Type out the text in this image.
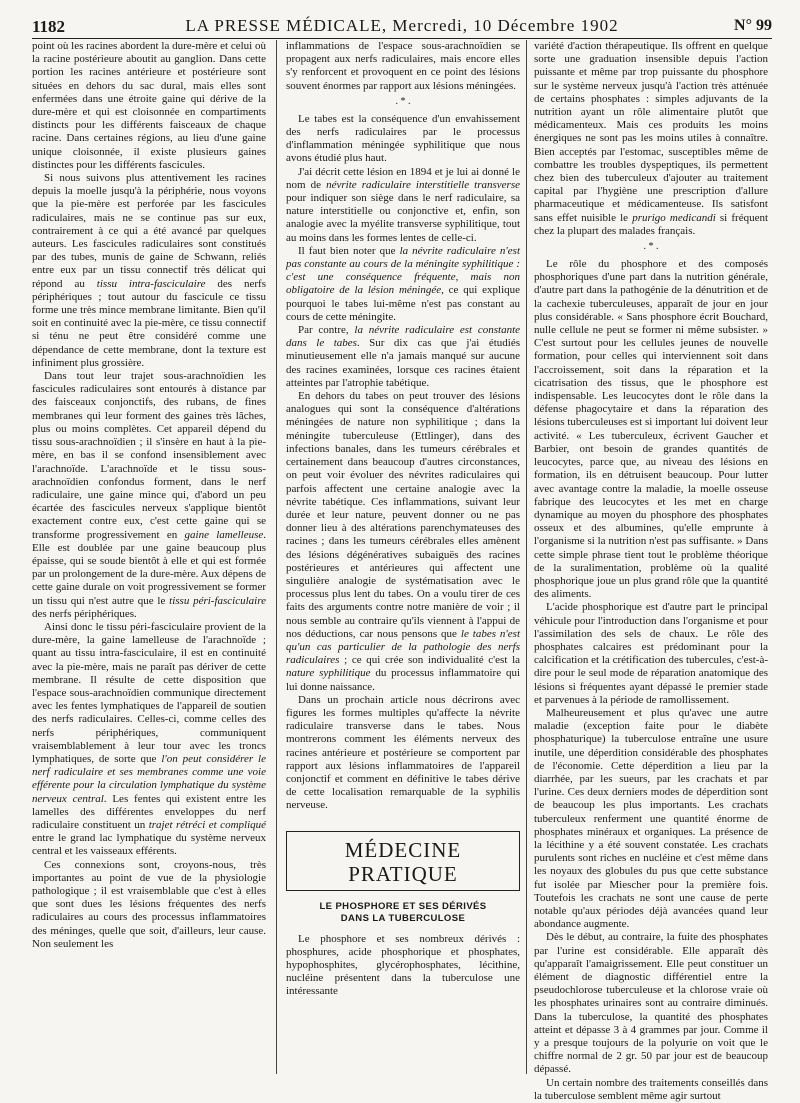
1182	LA PRESSE MÉDICALE, Mercredi, 10 Décembre 1902	N° 99

point où les racines abordent la dure-mère et celui où la racine postérieure aboutit au ganglion. Dans cette portion les racines antérieure et postérieure sont situées en dehors du sac dural, mais elles sont enfermées dans une étroite gaine qui dérive de la dure-mère et qui est cloisonnée en compartiments distincts pour les différents faisceaux de chaque racine. Dans certaines régions, au lieu d'une gaine unique cloisonnée, il existe plusieurs gaines distinctes pour les différents fascicules.

Si nous suivons plus attentivement les racines depuis la moelle jusqu'à la périphérie, nous voyons que la pie-mère est perforée par les fascicules radiculaires, mais ne se continue pas sur eux, contrairement à ce qui a été avancé par quelques auteurs. Les fascicules radiculaires sont constitués par des tubes, munis de gaine de Schwann, reliés entre eux par un tissu connectif très délicat qui répond au tissu intra-fasciculaire des nerfs périphériques ; tout autour du fascicule ce tissu forme une très mince membrane limitante. Bien qu'il soit en continuité avec la pie-mère, ce tissu connectif si ténu ne peut être considéré comme une dépendance de cette membrane, dont la texture est infiniment plus grossière.

Dans tout leur trajet sous-arachnoïdien les fascicules radiculaires sont entourés à distance par des faisceaux conjonctifs, des rubans, de fines membranes qui leur forment des gaines très lâches, plus ou moins complètes. Cet appareil dépend du tissu sous-arachnoïdien ; il s'insère en haut à la pie-mère, en bas il se confond insensiblement avec l'arachnoïde. L'arachnoïde et le tissu sous-arachnoïdien confondus forment, dans le nerf radiculaire, une gaine mince qui, d'abord un peu écartée des fascicules nerveux s'applique bientôt exactement contre eux, c'est cette gaine qui se transforme progressivement en gaine lamelleuse. Elle est doublée par une gaine beaucoup plus épaisse, qui se soude bientôt à elle et qui est formée par un prolongement de la dure-mère. Aux dépens de cette gaine durale on voit progressivement se former un tissu qui n'est autre que le tissu péri-fasciculaire des nerfs périphériques.

Ainsi donc le tissu péri-fasciculaire provient de la dure-mère, la gaine lamelleuse de l'arachnoïde ; quant au tissu intra-fasciculaire, il est en continuité avec la pie-mère, mais ne paraît pas dériver de cette membrane. Il résulte de cette disposition que l'espace sous-arachnoïdien communique directement avec les fentes lymphatiques de l'appareil de soutien des nerfs radiculaires. Celles-ci, comme celles des nerfs périphériques, communiquent vraisemblablement à leur tour avec les troncs lymphatiques, de sorte que l'on peut considérer le nerf radiculaire et ses membranes comme une voie efférente pour la circulation lymphatique du système nerveux central. Les fentes qui existent entre les lamelles des différentes enveloppes du nerf radiculaire constituent un trajet rétréci et compliqué entre le grand lac lymphatique du système nerveux central et les vaisseaux efférents.

Ces connexions sont, croyons-nous, très importantes au point de vue de la physiologie pathologique ; il est vraisemblable que c'est à elles que sont dues les lésions fréquentes des nerfs radiculaires au cours des processus inflammatoires des méninges, quelle que soit, d'ailleurs, leur cause. Non seulement les

inflammations de l'espace sous-arachnoïdien se propagent aux nerfs radiculaires, mais encore elles s'y renforcent et provoquent en ce point des lésions souvent énormes par rapport aux lésions méningées.

. * .

Le tabes est la conséquence d'un envahissement des nerfs radiculaires par le processus d'inflammation méningée syphilitique que nous avons étudié plus haut.

J'ai décrit cette lésion en 1894 et je lui ai donné le nom de névrite radiculaire interstitielle transverse pour indiquer son siège dans le nerf radiculaire, sa nature interstitielle ou conjonctive et, enfin, son analogie avec la myélite transverse syphilitique, tout au moins dans les formes lentes de celle-ci.

Il faut bien noter que la névrite radiculaire n'est pas constante au cours de la méningite syphilitique : c'est une conséquence fréquente, mais non obligatoire de la lésion méningée, ce qui explique pourquoi le tabes lui-même n'est pas constant au cours de cette méningite.

Par contre, la névrite radiculaire est constante dans le tabes. Sur dix cas que j'ai étudiés minutieusement elle n'a jamais manqué sur aucune des racines examinées, lorsque ces racines étaient atteintes par l'atrophie tabétique.

En dehors du tabes on peut trouver des lésions analogues qui sont la conséquence d'altérations méningées de nature non syphilitique ; dans la méningite tuberculeuse (Ettlinger), dans des infections banales, dans les tumeurs cérébrales et certainement dans beaucoup d'autres circonstances, on peut voir évoluer des névrites radiculaires qui parfois affectent une certaine analogie avec la névrite tabétique. Ces inflammations, suivant leur durée et leur nature, peuvent donner ou ne pas donner lieu à des altérations parenchymateuses des racines ; dans les tumeurs cérébrales elles amènent des lésions dégénératives subaiguës des racines postérieures et antérieures qui affectent une singulière analogie de systématisation avec le processus plus lent du tabes. On a voulu tirer de ces faits des arguments contre notre manière de voir ; il nous semble au contraire qu'ils viennent à l'appui de nos déductions, car nous pensons que le tabes n'est qu'un cas particulier de la pathologie des nerfs radiculaires ; ce qui crée son individualité c'est la nature syphilitique du processus inflammatoire qui lui donne naissance.

Dans un prochain article nous décrirons avec figures les formes multiples qu'affecte la névrite radiculaire transverse dans le tabes. Nous montrerons comment les éléments nerveux des racines antérieure et postérieure se comportent par rapport aux lésions inflammatoires de l'appareil conjonctif et comment en définitive le tabes dérive de cette localisation remarquable de la syphilis nerveuse.

MÉDECINE PRATIQUE
LE PHOSPHORE ET SES DÉRIVÉS
DANS LA TUBERCULOSE

Le phosphore et ses nombreux dérivés : phosphures, acide phosphorique et phosphates, hypophosphites, glycérophosphates, lécithine, nucléine présentent dans la tuberculose une intéressante

variété d'action thérapeutique. Ils offrent en quelque sorte une graduation insensible depuis l'action puissante et même par trop puissante du phosphore sur le système nerveux jusqu'à l'action très atténuée de certains phosphates : simples adjuvants de la nutrition ayant un rôle alimentaire plutôt que médicamenteux. Mais ces produits les moins énergiques ne sont pas les moins utiles à connaître. Bien acceptés par l'estomac, susceptibles même de combattre les troubles dyspeptiques, ils permettent chez bien des tuberculeux d'ajouter au traitement capital par l'hygiène une prescription d'allure pharmaceutique et médicamenteuse. Ils satisfont sans effet nuisible le prurigo medicandi si fréquent chez la plupart des malades français.

. * .

Le rôle du phosphore et des composés phosphoriques d'une part dans la nutrition générale, d'autre part dans la pathogénie de la dénutrition et de la cachexie tuberculeuses, apparaît de jour en jour plus considérable. « Sans phosphore écrit Bouchard, nulle cellule ne peut se former ni même subsister. » C'est surtout pour les cellules jeunes de nouvelle formation, pour celles qui interviennent soit dans l'accroissement, soit dans la réparation et la cicatrisation des tissus, que le phosphore est indispensable. Les leucocytes dont le rôle dans la défense phagocytaire et dans la réparation des lésions tuberculeuses est si important lui doivent leur activité. « Les tuberculeux, écrivent Gaucher et Barbier, ont besoin de grandes quantités de leucocytes, parce que, au niveau des lésions en formation, ils en détruisent beaucoup. Pour lutter avec avantage contre la maladie, la moelle osseuse fabrique des leucocytes et les met en charge dynamique au moyen du phosphore des phosphates osseux et des albumines, qu'elle emprunte à l'organisme si la nutrition n'est pas suffisante. » Dans cette simple phrase tient tout le problème théorique de la suralimentation, problème où la qualité phosphorique joue un plus grand rôle que la quantité des aliments.

L'acide phosphorique est d'autre part le principal véhicule pour l'introduction dans l'organisme et pour l'assimilation des sels de chaux. Le rôle des phosphates calcaires est prédominant pour la calcification et la crétification des tubercules, c'est-à-dire pour le seul mode de réparation anatomique des lésions si fréquentes ayant dépassé le premier stade et parvenues à la période de ramollissement.

Malheureusement et plus qu'avec une autre maladie (exception faite pour le diabète phosphaturique) la tuberculose entraîne une usure inutile, une déperdition considérable des phosphates de l'économie. Cette déperdition a lieu par la diarrhée, par les sueurs, par les crachats et par l'urine. Ces deux derniers modes de déperdition sont de beaucoup les plus importants. Les crachats tuberculeux renferment une quantité énorme de phosphates minéraux et organiques. La présence de la lécithine y a été souvent constatée. Les crachats purulents sont riches en nucléine et c'est même dans les noyaux des globules du pus que cette substance fut isolée par Miescher pour la première fois. Toutefois les crachats ne sont une cause de perte notable qu'aux périodes déjà avancées quand leur abondance augmente.

Dès le début, au contraire, la fuite des phosphates par l'urine est considérable. Elle apparaît dès qu'apparaît l'amaigrissement. Elle peut constituer un élément de diagnostic différentiel entre la pseudochlorose tuberculeuse et la chlorose vraie où les phosphates urinaires sont au contraire diminués. Dans la tuberculose, la quantité des phosphates atteint et dépasse 3 à 4 grammes par jour. Comme il y a presque toujours de la polyurie on voit que le chiffre normal de 2 gr. 50 par jour est de beaucoup dépassé.

Un certain nombre des traitements conseillés dans la tuberculose semblent même agir surtout
